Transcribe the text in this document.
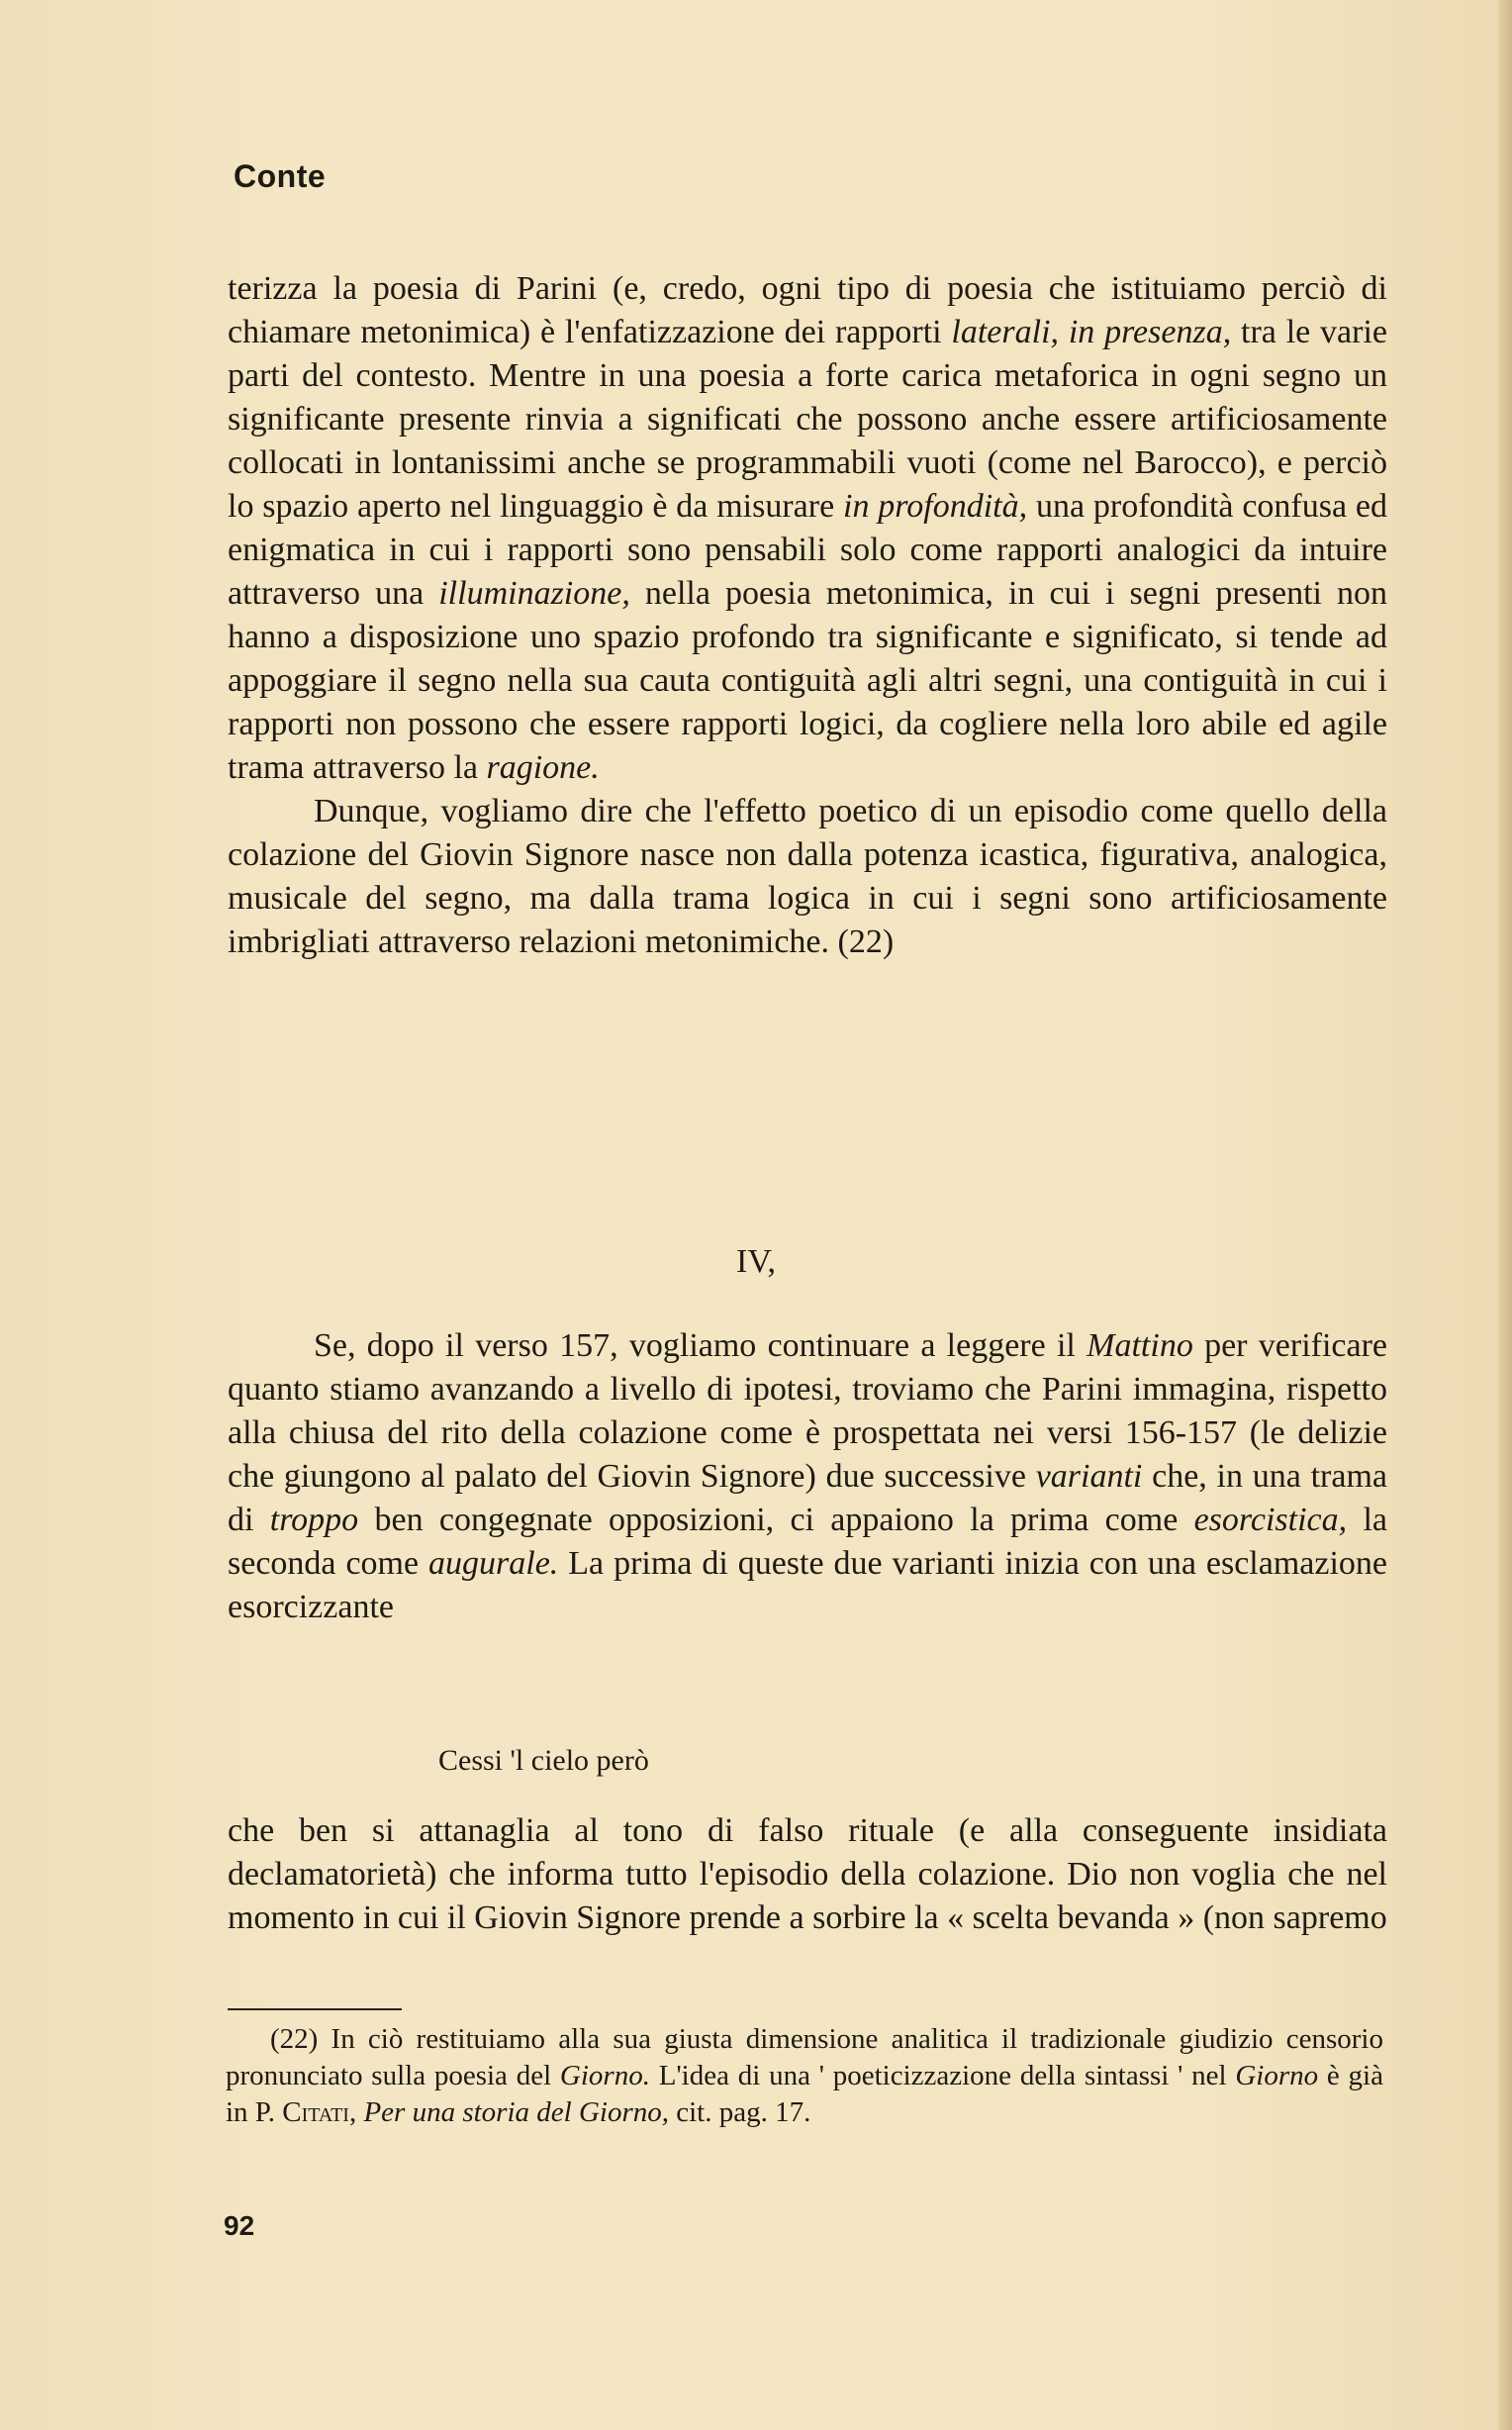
Conte

terizza la poesia di Parini (e, credo, ogni tipo di poesia che istituiamo perciò di chiamare metonimica) è l'enfatizzazione dei rapporti laterali, in presenza, tra le varie parti del contesto. Mentre in una poesia a forte carica metaforica in ogni segno un significante presente rinvia a significati che possono anche essere artificiosamente collocati in lontanissimi anche se programmabili vuoti (come nel Barocco), e perciò lo spazio aperto nel linguaggio è da misurare in profondità, una profondità confusa ed enigmatica in cui i rapporti sono pensabili solo come rapporti analogici da intuire attraverso una illuminazione, nella poesia metonimica, in cui i segni presenti non hanno a disposizione uno spazio profondo tra significante e significato, si tende ad appoggiare il segno nella sua cauta contiguità agli altri segni, una contiguità in cui i rapporti non possono che essere rapporti logici, da cogliere nella loro abile ed agile trama attraverso la ragione.

Dunque, vogliamo dire che l'effetto poetico di un episodio come quello della colazione del Giovin Signore nasce non dalla potenza icastica, figurativa, analogica, musicale del segno, ma dalla trama logica in cui i segni sono artificiosamente imbrigliati attraverso relazioni metonimiche. (22)

IV,

Se, dopo il verso 157, vogliamo continuare a leggere il Mattino per verificare quanto stiamo avanzando a livello di ipotesi, troviamo che Parini immagina, rispetto alla chiusa del rito della colazione come è prospettata nei versi 156-157 (le delizie che giungono al palato del Giovin Signore) due successive varianti che, in una trama di troppo ben congegnate opposizioni, ci appaiono la prima come esorcistica, la seconda come augurale. La prima di queste due varianti inizia con una esclamazione esorcizzante

Cessi 'l cielo però

che ben si attanaglia al tono di falso rituale (e alla conseguente insidiata declamatorietà) che informa tutto l'episodio della colazione. Dio non voglia che nel momento in cui il Giovin Signore prende a sorbire la « scelta bevanda » (non sapremo

(22) In ciò restituiamo alla sua giusta dimensione analitica il tradizionale giudizio censorio pronunciato sulla poesia del Giorno. L'idea di una ' poeticizzazione della sintassi ' nel Giorno è già in P. Citati, Per una storia del Giorno, cit. pag. 17.

92
